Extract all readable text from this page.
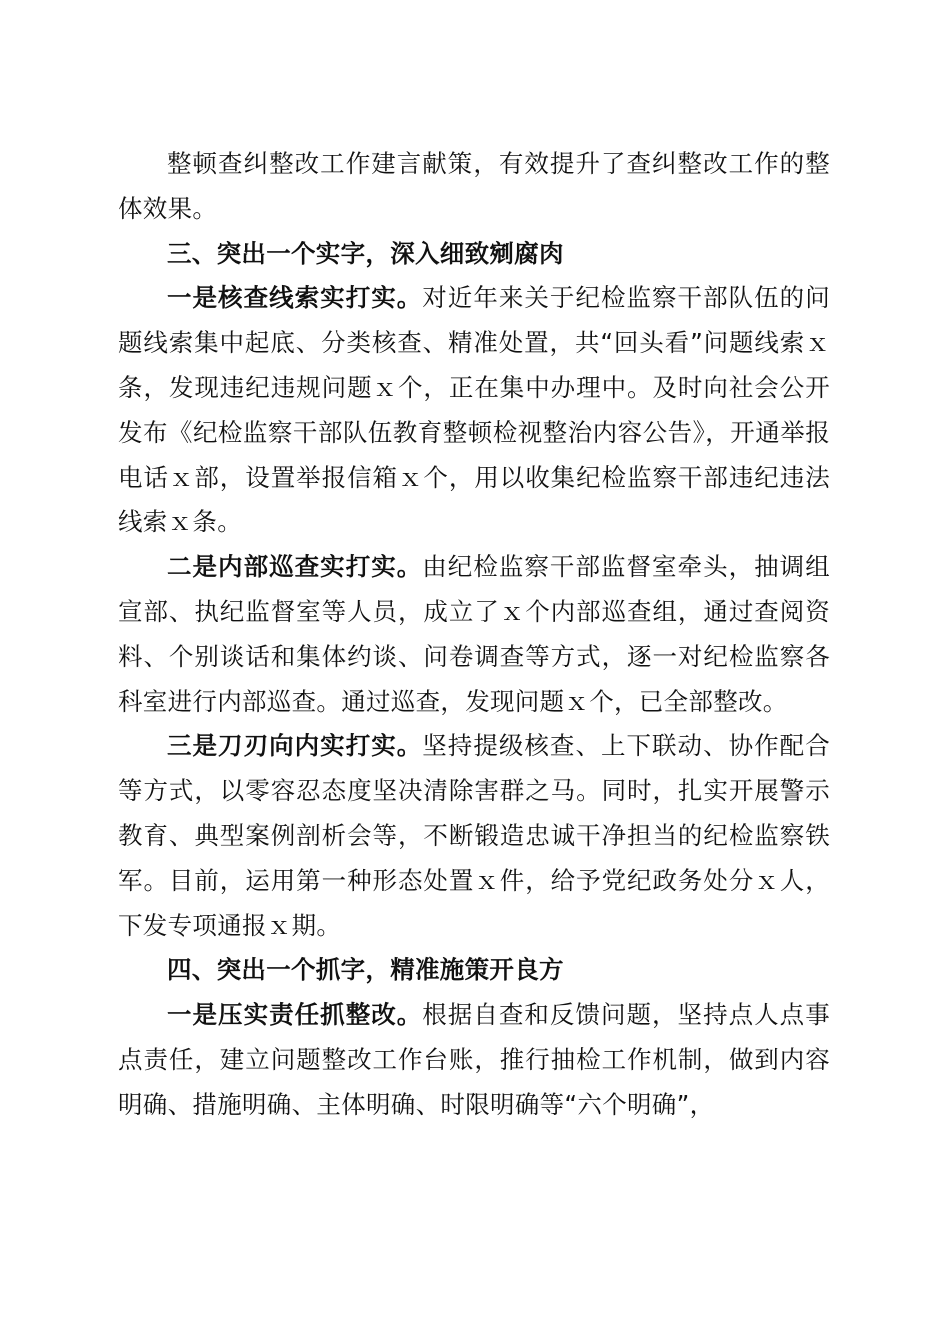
整顿查纠整改工作建言献策，有效提升了查纠整改工作的整体效果。

三、突出一个实字，深入细致剜腐肉

一是核查线索实打实。对近年来关于纪检监察干部队伍的问题线索集中起底、分类核查、精准处置，共“回头看”问题线索ｘ条，发现违纪违规问题ｘ个，正在集中办理中。及时向社会公开发布《纪检监察干部队伍教育整顿检视整治内容公告》，开通举报电话ｘ部，设置举报信箱ｘ个，用以收集纪检监察干部违纪违法线索ｘ条。

二是内部巡查实打实。由纪检监察干部监督室牵头，抽调组宣部、执纪监督室等人员，成立了ｘ个内部巡查组，通过查阅资料、个别谈话和集体约谈、问卷调查等方式，逐一对纪检监察各科室进行内部巡查。通过巡查，发现问题ｘ个，已全部整改。

三是刀刃向内实打实。坚持提级核查、上下联动、协作配合等方式，以零容忍态度坚决清除害群之马。同时，扎实开展警示教育、典型案例剖析会等，不断锻造忠诚干净担当的纪检监察铁军。目前，运用第一种形态处置ｘ件，给予党纪政务处分ｘ人，下发专项通报ｘ期。

四、突出一个抓字，精准施策开良方

一是压实责任抓整改。根据自查和反馈问题，坚持点人点事点责任，建立问题整改工作台账，推行抽检工作机制，做到内容明确、措施明确、主体明确、时限明确等“六个明确”，
